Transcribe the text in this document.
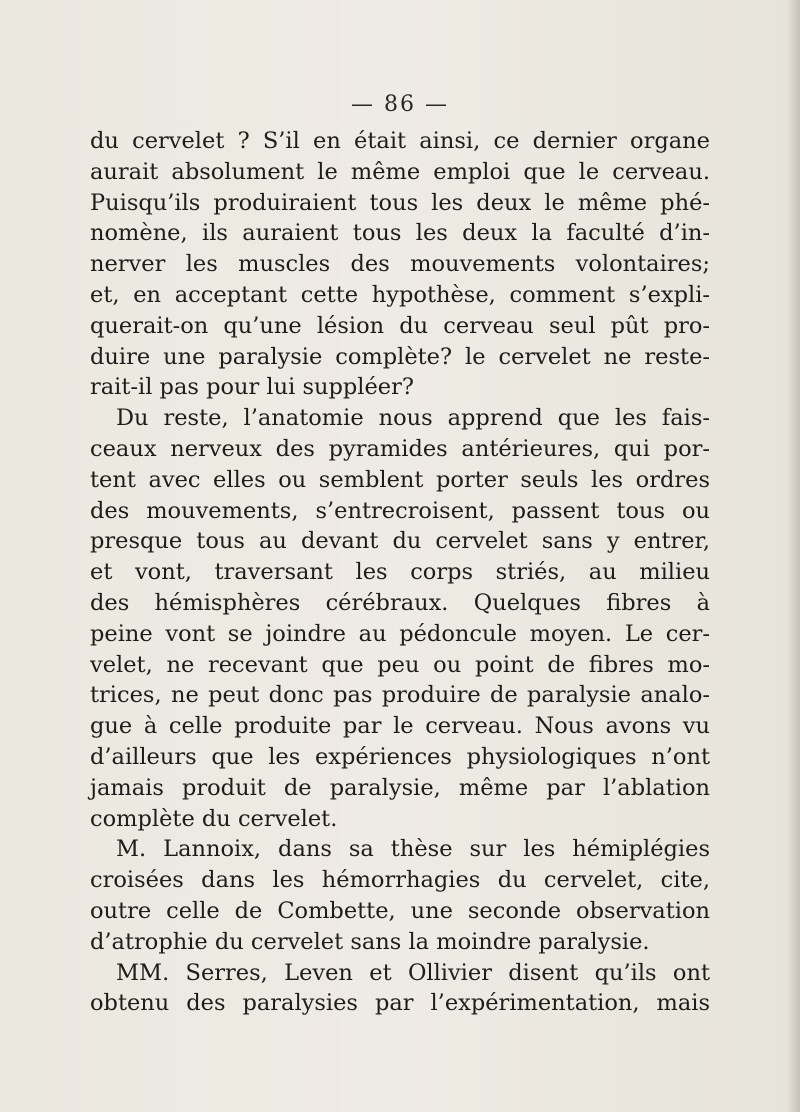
— 86 —
du cervelet ? S’il en était ainsi, ce dernier organe
aurait absolument le même emploi que le cerveau.
Puisqu’ils produiraient tous les deux le même phé-
nomène, ils auraient tous les deux la faculté d’in-
nerver les muscles des mouvements volontaires;
et, en acceptant cette hypothèse, comment s’expli-
querait-on qu’une lésion du cerveau seul pût pro-
duire une paralysie complète? le cervelet ne reste-
rait-il pas pour lui suppléer?
Du reste, l’anatomie nous apprend que les fais-
ceaux nerveux des pyramides antérieures, qui por-
tent avec elles ou semblent porter seuls les ordres
des mouvements, s’entrecroisent, passent tous ou
presque tous au devant du cervelet sans y entrer,
et vont, traversant les corps striés, au milieu
des hémisphères cérébraux. Quelques fibres à
peine vont se joindre au pédoncule moyen. Le cer-
velet, ne recevant que peu ou point de fibres mo-
trices, ne peut donc pas produire de paralysie analo-
gue à celle produite par le cerveau. Nous avons vu
d’ailleurs que les expériences physiologiques n’ont
jamais produit de paralysie, même par l’ablation
complète du cervelet.
M. Lannoix, dans sa thèse sur les hémiplégies
croisées dans les hémorrhagies du cervelet, cite,
outre celle de Combette, une seconde observation
d’atrophie du cervelet sans la moindre paralysie.
MM. Serres, Leven et Ollivier disent qu’ils ont
obtenu des paralysies par l’expérimentation, mais
